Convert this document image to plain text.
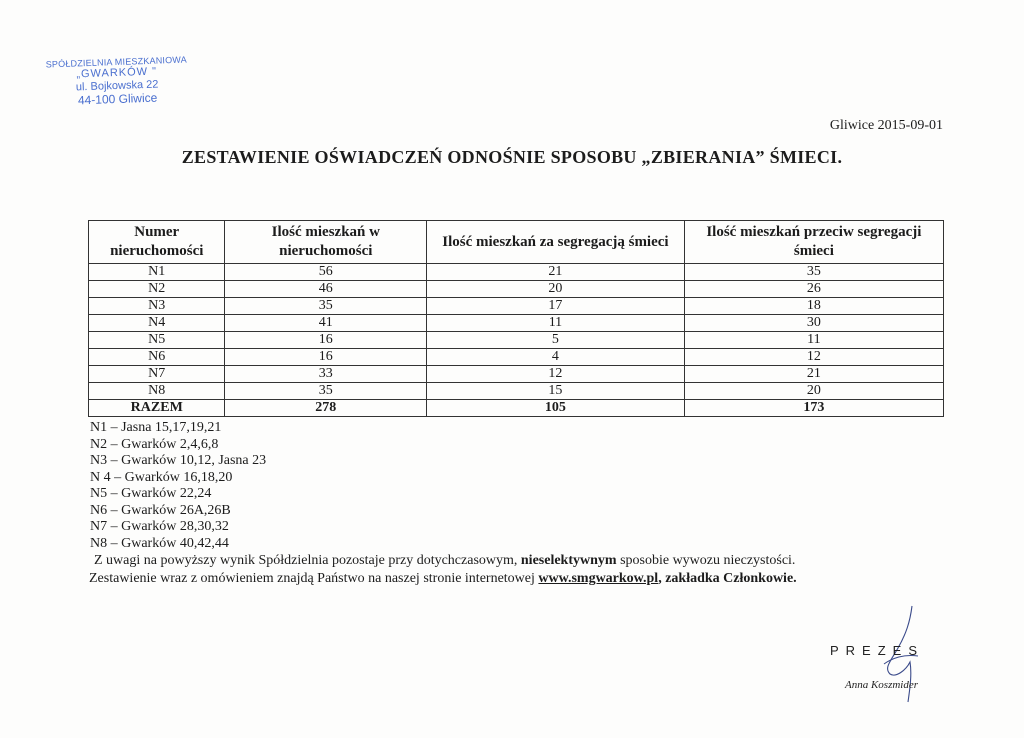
SPÓŁDZIELNIA MIESZKANIOWA
„GWARKÓW "
ul. Bojkowska 22
44-100 Gliwice
Gliwice 2015-09-01
ZESTAWIENIE OŚWIADCZEŃ ODNOŚNIE SPOSOBU „ZBIERANIA” ŚMIECI.
Numer nieruchomości	Ilość mieszkań w nieruchomości	Ilość mieszkań za segregacją śmieci	Ilość mieszkań przeciw segregacji śmieci
N1	56	21	35
N2	46	20	26
N3	35	17	18
N4	41	11	30
N5	16	5	11
N6	16	4	12
N7	33	12	21
N8	35	15	20
RAZEM	278	105	173
N1 – Jasna 15,17,19,21
N2 – Gwarków 2,4,6,8
N3 – Gwarków 10,12, Jasna 23
N 4 – Gwarków 16,18,20
N5 – Gwarków 22,24
N6 – Gwarków 26A,26B
N7 – Gwarków 28,30,32
N8 – Gwarków 40,42,44
Z uwagi na powyższy wynik Spółdzielnia pozostaje przy dotychczasowym, nieselektywnym sposobie wywozu nieczystości.
Zestawienie wraz z omówieniem znajdą Państwo na naszej stronie internetowej www.smgwarkow.pl, zakładka Członkowie.
PREZES
Anna Koszmider
